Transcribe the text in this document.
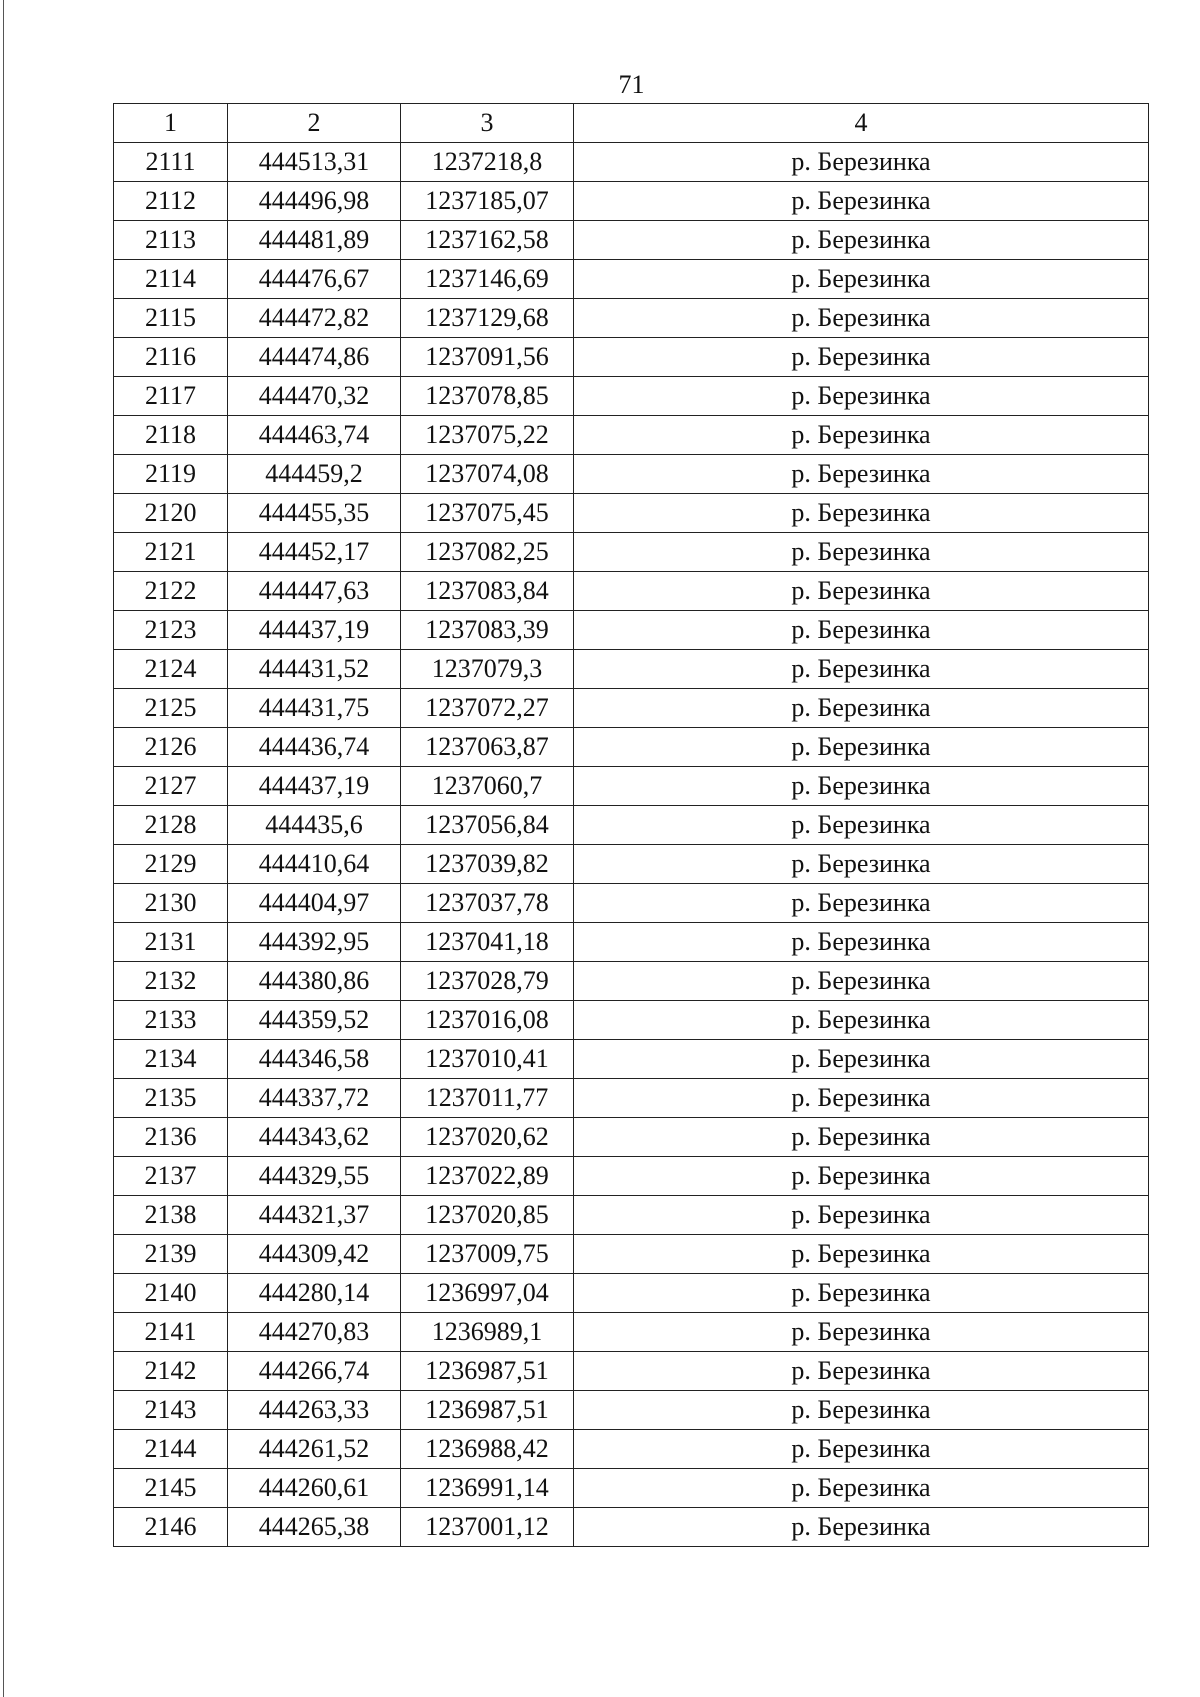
71
1	2	3	4
2111	444513,31	1237218,8	р. Березинка
2112	444496,98	1237185,07	р. Березинка
2113	444481,89	1237162,58	р. Березинка
2114	444476,67	1237146,69	р. Березинка
2115	444472,82	1237129,68	р. Березинка
2116	444474,86	1237091,56	р. Березинка
2117	444470,32	1237078,85	р. Березинка
2118	444463,74	1237075,22	р. Березинка
2119	444459,2	1237074,08	р. Березинка
2120	444455,35	1237075,45	р. Березинка
2121	444452,17	1237082,25	р. Березинка
2122	444447,63	1237083,84	р. Березинка
2123	444437,19	1237083,39	р. Березинка
2124	444431,52	1237079,3	р. Березинка
2125	444431,75	1237072,27	р. Березинка
2126	444436,74	1237063,87	р. Березинка
2127	444437,19	1237060,7	р. Березинка
2128	444435,6	1237056,84	р. Березинка
2129	444410,64	1237039,82	р. Березинка
2130	444404,97	1237037,78	р. Березинка
2131	444392,95	1237041,18	р. Березинка
2132	444380,86	1237028,79	р. Березинка
2133	444359,52	1237016,08	р. Березинка
2134	444346,58	1237010,41	р. Березинка
2135	444337,72	1237011,77	р. Березинка
2136	444343,62	1237020,62	р. Березинка
2137	444329,55	1237022,89	р. Березинка
2138	444321,37	1237020,85	р. Березинка
2139	444309,42	1237009,75	р. Березинка
2140	444280,14	1236997,04	р. Березинка
2141	444270,83	1236989,1	р. Березинка
2142	444266,74	1236987,51	р. Березинка
2143	444263,33	1236987,51	р. Березинка
2144	444261,52	1236988,42	р. Березинка
2145	444260,61	1236991,14	р. Березинка
2146	444265,38	1237001,12	р. Березинка
